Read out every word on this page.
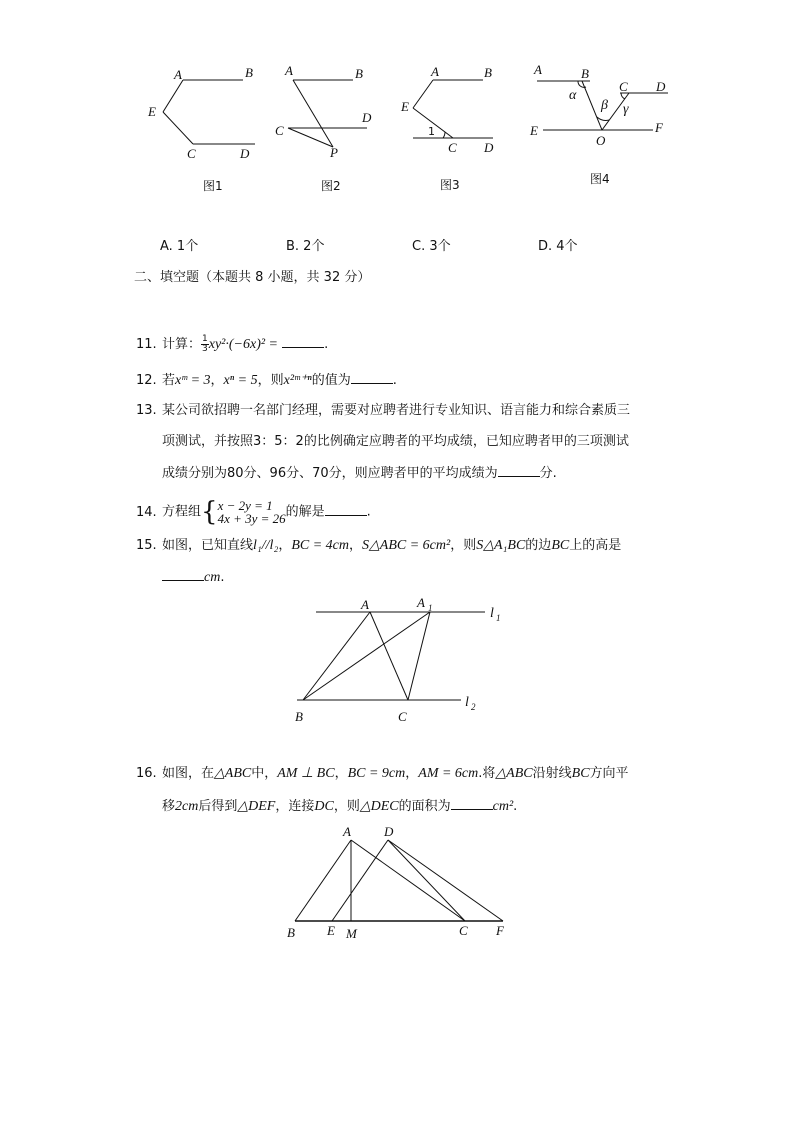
A	B
E
C	D
图1
A	B
C
D
P
图2
A	B
E
1
C D
图3
A	B
α
C D
β γ
E
O
F
图4
A. 1个	B. 2个	C. 3个	D. 4个
二、填空题（本题共 8 小题，共 32 分）
11. 计算： $\frac{1}{3} xy^2\cdot(-6x)^2$ =	.
12. 若xᵐ = 3，xⁿ = 5，则x²ᵐ⁺ⁿ的值为	.
13. 某公司欲招聘一名部门经理，需要对应聘者进行专业知识、语言能力和综合素质三
项测试，并按照3：5：2的比例确定应聘者的平均成绩，已知应聘者甲的三项测试
成绩分别为80分、96分、70分，则应聘者甲的平均成绩为	分.
14. 方程组{ x − 2y = 1
4x + 3y = 26 的解是	.
15. 如图，已知直线l₁//l₂，BC = 4cm，S△ABC = 6cm²，则S△A₁BC的边BC上的高是
cm.
A	A 1	l 1
B	C
l 2
16. 如图，在△ABC中，AM ⊥ BC，BC = 9cm，AM = 6cm.将△ABC沿射线BC方向平
移2cm后得到△DEF，连接DC，则△DEC的面积为	cm².
A	D
B E M	C F
